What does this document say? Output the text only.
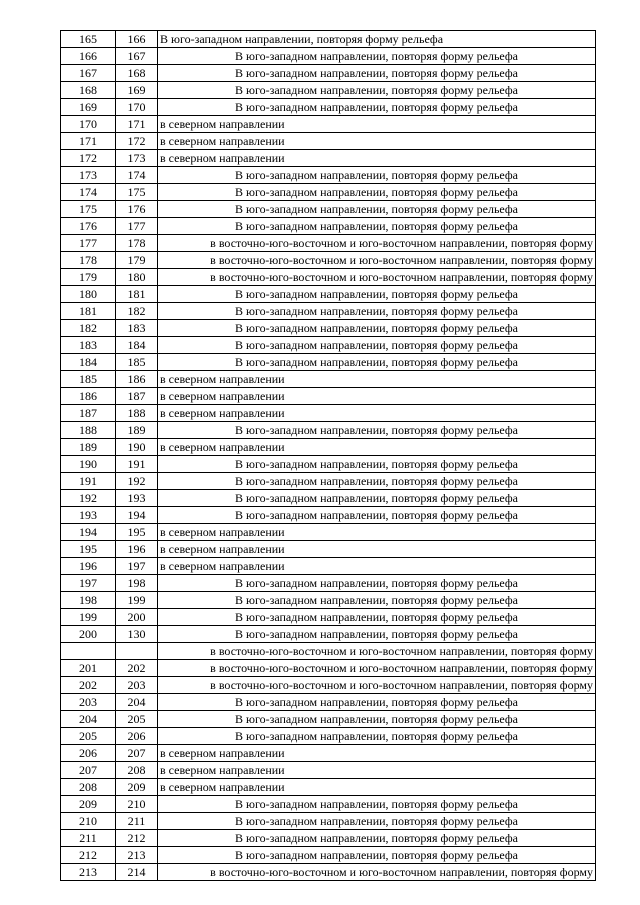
165	166	В юго-западном направлении, повторяя форму рельефа
166	167	В юго-западном направлении, повторяя форму рельефа
167	168	В юго-западном направлении, повторяя форму рельефа
168	169	В юго-западном направлении, повторяя форму рельефа
169	170	В юго-западном направлении, повторяя форму рельефа
170	171	в северном направлении
171	172	в северном направлении
172	173	в северном направлении
173	174	В юго-западном направлении, повторяя форму рельефа
174	175	В юго-западном направлении, повторяя форму рельефа
175	176	В юго-западном направлении, повторяя форму рельефа
176	177	В юго-западном направлении, повторяя форму рельефа
177	178	в восточно-юго-восточном и юго-восточном направлении, повторяя форму
178	179	в восточно-юго-восточном и юго-восточном направлении, повторяя форму
179	180	в восточно-юго-восточном и юго-восточном направлении, повторяя форму
180	181	В юго-западном направлении, повторяя форму рельефа
181	182	В юго-западном направлении, повторяя форму рельефа
182	183	В юго-западном направлении, повторяя форму рельефа
183	184	В юго-западном направлении, повторяя форму рельефа
184	185	В юго-западном направлении, повторяя форму рельефа
185	186	в северном направлении
186	187	в северном направлении
187	188	в северном направлении
188	189	В юго-западном направлении, повторяя форму рельефа
189	190	в северном направлении
190	191	В юго-западном направлении, повторяя форму рельефа
191	192	В юго-западном направлении, повторяя форму рельефа
192	193	В юго-западном направлении, повторяя форму рельефа
193	194	В юго-западном направлении, повторяя форму рельефа
194	195	в северном направлении
195	196	в северном направлении
196	197	в северном направлении
197	198	В юго-западном направлении, повторяя форму рельефа
198	199	В юго-западном направлении, повторяя форму рельефа
199	200	В юго-западном направлении, повторяя форму рельефа
200	130	В юго-западном направлении, повторяя форму рельефа
		в восточно-юго-восточном и юго-восточном направлении, повторяя форму
201	202	в восточно-юго-восточном и юго-восточном направлении, повторяя форму
202	203	в восточно-юго-восточном и юго-восточном направлении, повторяя форму
203	204	В юго-западном направлении, повторяя форму рельефа
204	205	В юго-западном направлении, повторяя форму рельефа
205	206	В юго-западном направлении, повторяя форму рельефа
206	207	в северном направлении
207	208	в северном направлении
208	209	в северном направлении
209	210	В юго-западном направлении, повторяя форму рельефа
210	211	В юго-западном направлении, повторяя форму рельефа
211	212	В юго-западном направлении, повторяя форму рельефа
212	213	В юго-западном направлении, повторяя форму рельефа
213	214	в восточно-юго-восточном и юго-восточном направлении, повторяя форму
